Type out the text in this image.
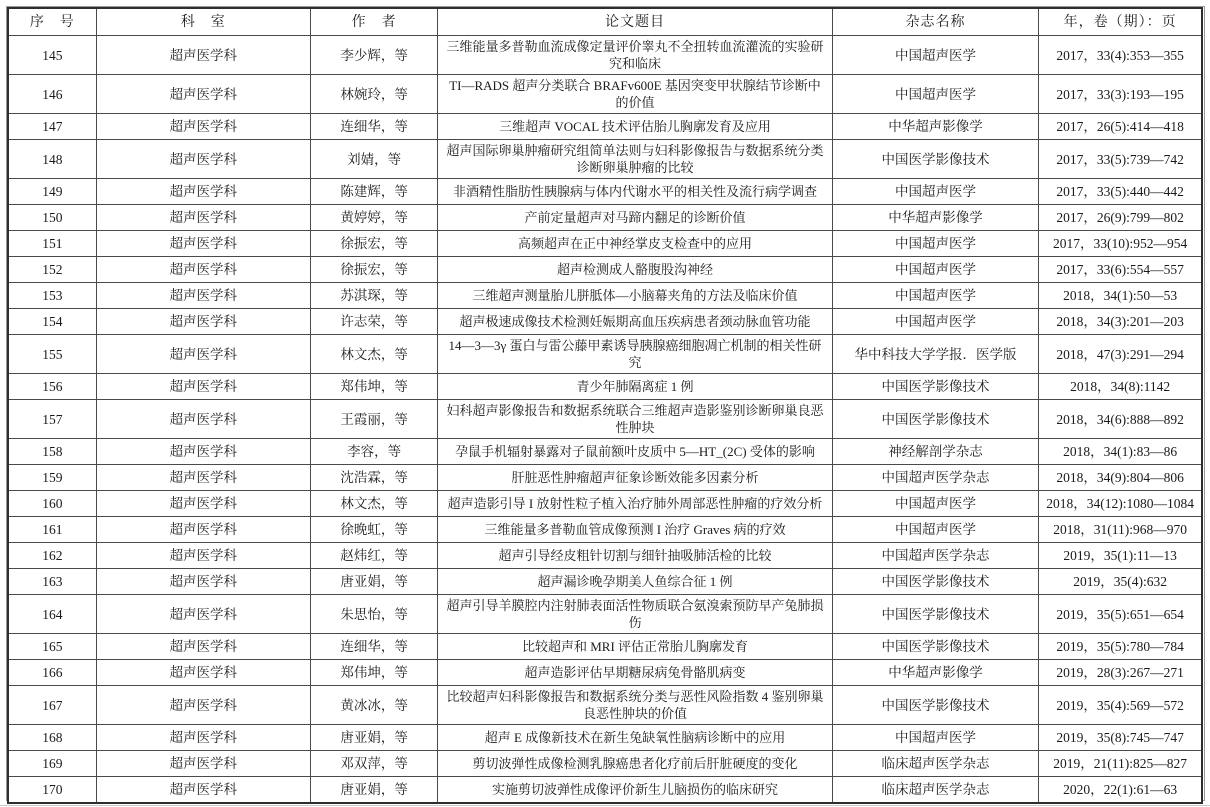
序　号	科　室	作　者	论文题目	杂志名称	年，卷（期）：页
145	超声医学科	李少辉，等	三维能量多普勒血流成像定量评价睾丸不全扭转血流灌流的实验研究和临床	中国超声医学	2017，33(4):353—355
146	超声医学科	林婉玲，等	TI—RADS 超声分类联合 BRAFv600E 基因突变甲状腺结节诊断中的价值	中国超声医学	2017，33(3):193—195
147	超声医学科	连细华，等	三维超声 VOCAL 技术评估胎儿胸廓发育及应用	中华超声影像学	2017，26(5):414—418
148	超声医学科	刘婧，等	超声国际卵巢肿瘤研究组简单法则与妇科影像报告与数据系统分类诊断卵巢肿瘤的比较	中国医学影像技术	2017，33(5):739—742
149	超声医学科	陈建辉，等	非酒精性脂肪性胰腺病与体内代谢水平的相关性及流行病学调查	中国超声医学	2017，33(5):440—442
150	超声医学科	黄婷婷，等	产前定量超声对马蹄内翻足的诊断价值	中华超声影像学	2017，26(9):799—802
151	超声医学科	徐振宏，等	高频超声在正中神经掌皮支检查中的应用	中国超声医学	2017，33(10):952—954
152	超声医学科	徐振宏，等	超声检测成人骼腹股沟神经	中国超声医学	2017，33(6):554—557
153	超声医学科	苏淇琛，等	三维超声测量胎儿胼胝体—小脑幕夹角的方法及临床价值	中国超声医学	2018，34(1):50—53
154	超声医学科	许志荣，等	超声极速成像技术检测妊娠期高血压疾病患者颈动脉血管功能	中国超声医学	2018，34(3):201—203
155	超声医学科	林文杰，等	14—3—3γ 蛋白与雷公藤甲素诱导胰腺癌细胞凋亡机制的相关性研究	华中科技大学学报．医学版	2018，47(3):291—294
156	超声医学科	郑伟坤，等	青少年肺隔离症 1 例	中国医学影像技术	2018，34(8):1142
157	超声医学科	王霞丽，等	妇科超声影像报告和数据系统联合三维超声造影鉴别诊断卵巢良恶性肿块	中国医学影像技术	2018，34(6):888—892
158	超声医学科	李容，等	孕鼠手机辐射暴露对子鼠前额叶皮质中 5—HT_(2C) 受体的影响	神经解剖学杂志	2018，34(1):83—86
159	超声医学科	沈浩霖，等	肝脏恶性肿瘤超声征象诊断效能多因素分析	中国超声医学杂志	2018，34(9):804—806
160	超声医学科	林文杰，等	超声造影引导 I 放射性粒子植入治疗肺外周部恶性肿瘤的疗效分析	中国超声医学	2018，34(12):1080—1084
161	超声医学科	徐晚虹，等	三维能量多普勒血管成像预测 I 治疗 Graves 病的疗效	中国超声医学	2018，31(11):968—970
162	超声医学科	赵炜红，等	超声引导经皮粗针切割与细针抽吸肺活检的比较	中国超声医学杂志	2019，35(1):11—13
163	超声医学科	唐亚娟，等	超声漏诊晚孕期美人鱼综合征 1 例	中国医学影像技术	2019，35(4):632
164	超声医学科	朱思怡，等	超声引导羊膜腔内注射肺表面活性物质联合氨溴索预防早产兔肺损伤	中国医学影像技术	2019，35(5):651—654
165	超声医学科	连细华，等	比较超声和 MRI 评估正常胎儿胸廓发育	中国医学影像技术	2019，35(5):780—784
166	超声医学科	郑伟坤，等	超声造影评估早期糖尿病兔骨骼肌病变	中华超声影像学	2019，28(3):267—271
167	超声医学科	黄冰冰，等	比较超声妇科影像报告和数据系统分类与恶性风险指数 4 鉴别卵巢良恶性肿块的价值	中国医学影像技术	2019，35(4):569—572
168	超声医学科	唐亚娟，等	超声 E 成像新技术在新生兔缺氧性脑病诊断中的应用	中国超声医学	2019，35(8):745—747
169	超声医学科	邓双萍，等	剪切波弹性成像检测乳腺癌患者化疗前后肝脏硬度的变化	临床超声医学杂志	2019，21(11):825—827
170	超声医学科	唐亚娟，等	实施剪切波弹性成像评价新生儿脑损伤的临床研究	临床超声医学杂志	2020，22(1):61—63
